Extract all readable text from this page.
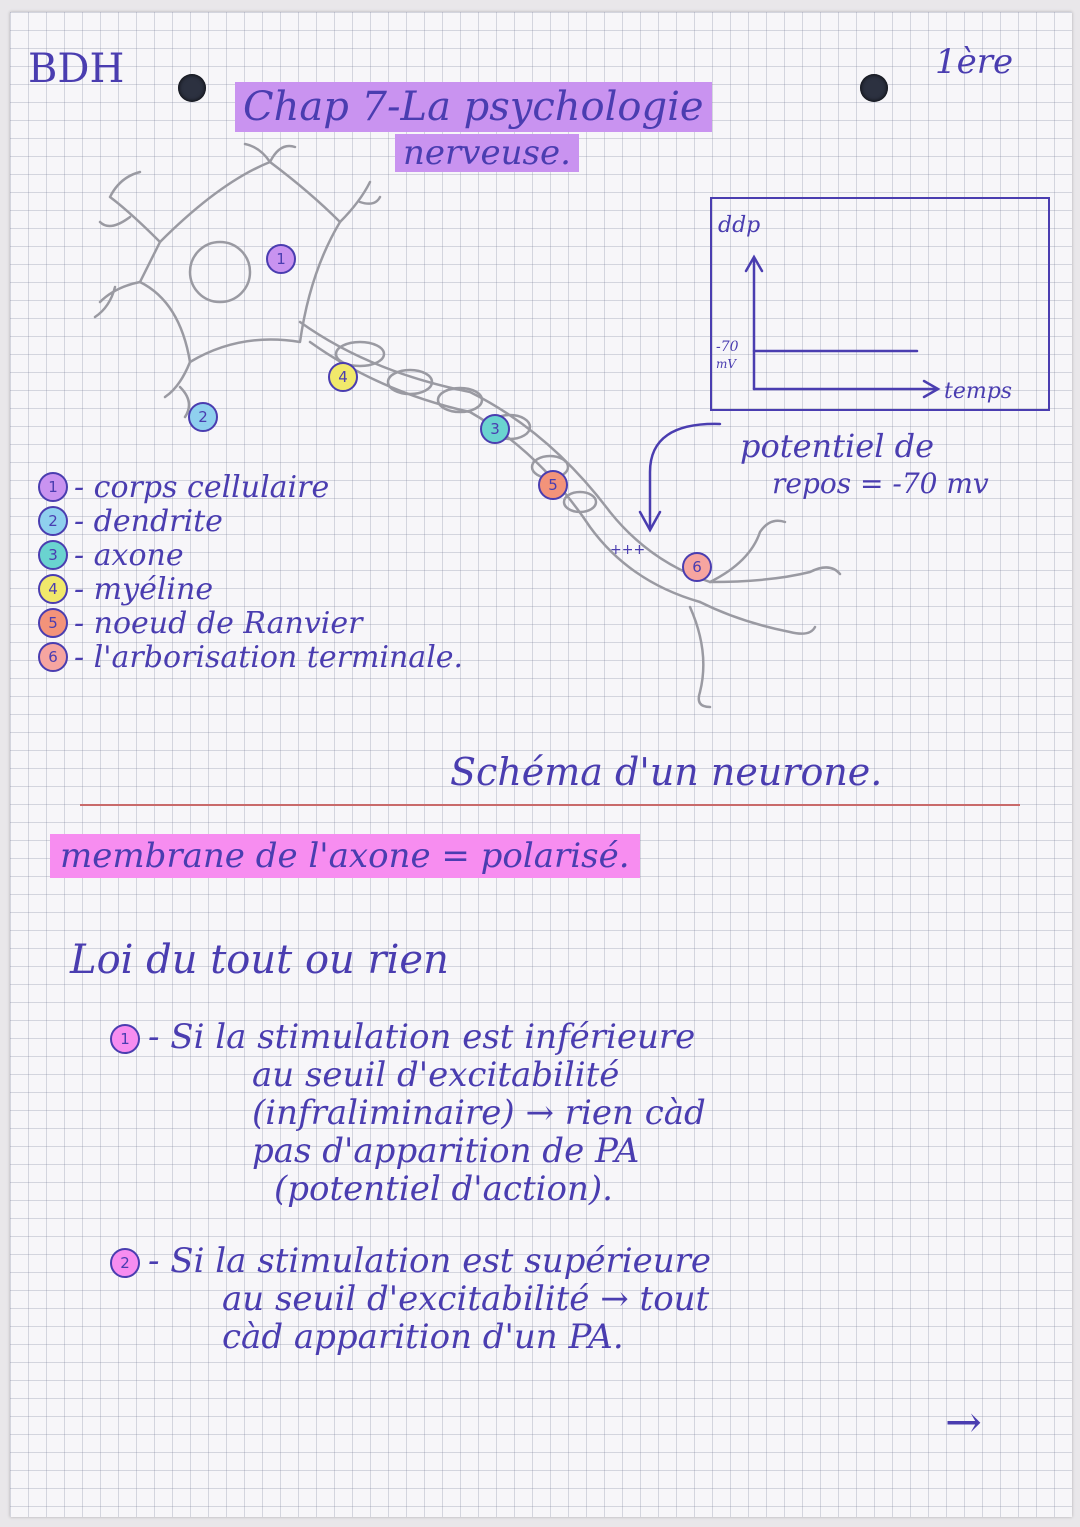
BDH
Chap 7-La psychologie
nerveuse.
1ère
+++
1
2
3
4
5
6
1 - corps cellulaire
2 - dendrite
3 - axone
4 - myéline
5 - noeud de Ranvier
6 - l'arborisation terminale.
ddp
-70
mV
temps
potentiel de
repos = -70 mv
Schéma d'un neurone.
membrane de l'axone = polarisé.
Loi du tout ou rien
1 - Si la stimulation est inférieure
au seuil d'excitabilité
(infraliminaire) → rien càd
pas d'apparition de PA
(potentiel d'action).
2 - Si la stimulation est supérieure
au seuil d'excitabilité → tout
càd apparition d'un PA.
→
